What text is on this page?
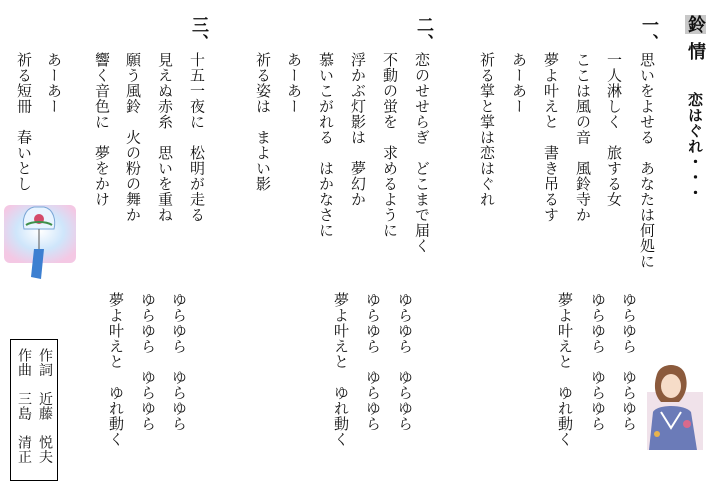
鈴情
恋はぐれ・・・
一、
思いをよせる　あなたは何処に
一人淋しく　旅する女
ここは風の音　風鈴寺か
夢よ叶えと　書き吊るす
あーあー
祈る掌と掌は恋はぐれ
二、
恋のせせらぎ　どこまで届く
不動の蛍を　求めるように
浮かぶ灯影は　夢幻か
慕いこがれる　はかなさに
あーあー
祈る姿は　まよい影
三、
十五一夜に　松明が走る
見えぬ赤糸　思いを重ね
願う風鈴　火の粉の舞か
響く音色に　夢をかけ
あーあー
祈る短冊　春いとし
ゆらゆら　ゆらゆら
ゆらゆら　ゆらゆら
夢よ叶えと　ゆれ動く
ゆらゆら　ゆらゆら
ゆらゆら　ゆらゆら
夢よ叶えと　ゆれ動く
ゆらゆら　ゆらゆら
ゆらゆら　ゆらゆら
夢よ叶えと　ゆれ動く
作詞　近藤　悦夫
作曲　三島　清正
